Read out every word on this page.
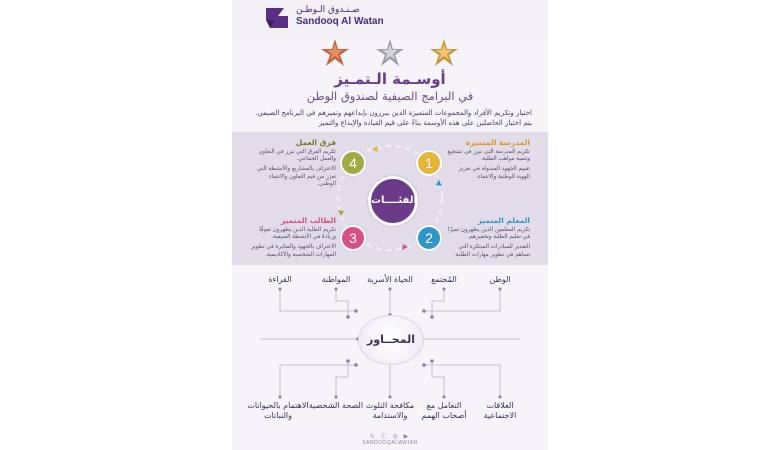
صـنـدوق الـوطـن
Sandooq Al Watan
أوسـمة الـتمـيز
في البرامج الصيفية لصندوق الوطن
اختيار وتكريم الأفراد والمجموعات المتميزة الذين يبرزون بإبداعهم وتميزهم في البرنامج الصيفي. يتم اختيار الحاصلين على هذه الأوسمة بناءً على قيم القيادة والإبداع والتميز
1
2
3
4
الفئــــات
المدرسة المتميزة

تكريم المدرسة التي تبرز في تشجيع وتنمية مواهب الطلبة.

تقييم الجهود المبذولة في تعزيز الهوية الوطنية والانتماء.

المعلم المتميز

تكريم المعلمين الذين يظهرون تميزًا في تعليم الطلبة وتحفيزهم.

التقدير للمبادرات المبتكرة التي تساهم في تطوير مهارات الطلبة.

الطالب المتميز

تكريم الطلبة الذين يظهرون تفوقًا وريادةً في الأنشطة الصيفية.

الاعتراف بالجهود والمثابرة في تطوير المهارات الشخصية والأكاديمية.

فرق العمل

تكريم الفرق التي تبرز في التعاون والعمل الجماعي.

الاعتراف بالمشاريع والأنشطة التي تعزز من قيم التعاون والانتماء الوطني.

الوطن
المُجتمع
الحياة الأسرية
المواطنة
القراءة
المحــاور
العلاقات الاجتماعية
التعامل مع أصحاب الهمم
مكافحة التلوث والاستدامة
الصحة الشخصية
الاهتمام بالحيوانات والنباتات
𝕏 ⓕ ◎ ▶
SANDOOQALWATAN
